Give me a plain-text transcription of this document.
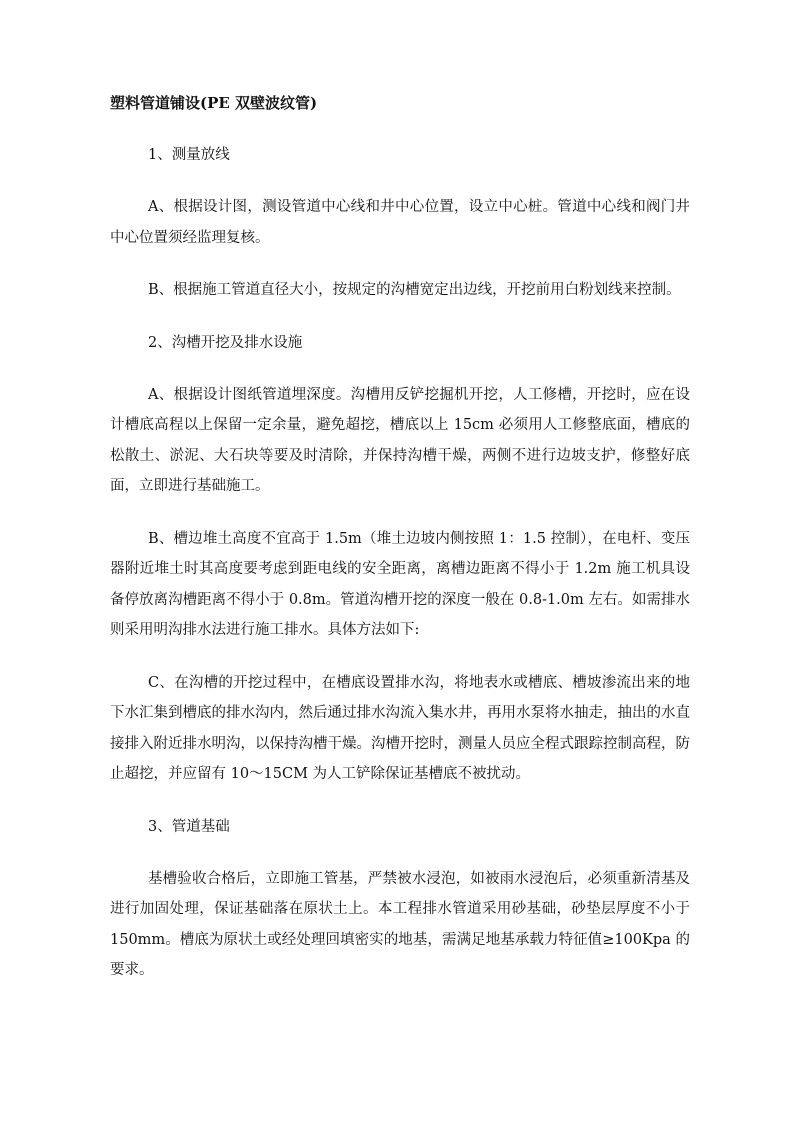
塑料管道铺设(PE 双壁波纹管)
1、测量放线

A、根据设计图，测设管道中心线和井中心位置，设立中心桩。管道中心线和阀门井中心位置须经监理复核。

B、根据施工管道直径大小，按规定的沟槽宽定出边线，开挖前用白粉划线来控制。

2、沟槽开挖及排水设施

A、根据设计图纸管道埋深度。沟槽用反铲挖掘机开挖，人工修槽，开挖时，应在设计槽底高程以上保留一定余量，避免超挖，槽底以上 15cm 必须用人工修整底面，槽底的松散土、淤泥、大石块等要及时清除，并保持沟槽干燥，两侧不进行边坡支护，修整好底面，立即进行基础施工。

B、槽边堆土高度不宜高于 1.5m（堆土边坡内侧按照 1：1.5 控制），在电杆、变压器附近堆土时其高度要考虑到距电线的安全距离，离槽边距离不得小于 1.2m 施工机具设备停放离沟槽距离不得小于 0.8m。管道沟槽开挖的深度一般在 0.8-1.0m 左右。如需排水则采用明沟排水法进行施工排水。具体方法如下:

C、在沟槽的开挖过程中，在槽底设置排水沟，将地表水或槽底、槽坡渗流出来的地下水汇集到槽底的排水沟内，然后通过排水沟流入集水井，再用水泵将水抽走，抽出的水直接排入附近排水明沟，以保持沟槽干燥。沟槽开挖时，测量人员应全程式跟踪控制高程，防止超挖，并应留有 10～15CM 为人工铲除保证基槽底不被扰动。

3、管道基础

基槽验收合格后，立即施工管基，严禁被水浸泡，如被雨水浸泡后，必须重新清基及进行加固处理，保证基础落在原状土上。本工程排水管道采用砂基础，砂垫层厚度不小于 150mm。槽底为原状土或经处理回填密实的地基，需满足地基承载力特征值≥100Kpa 的要求。
